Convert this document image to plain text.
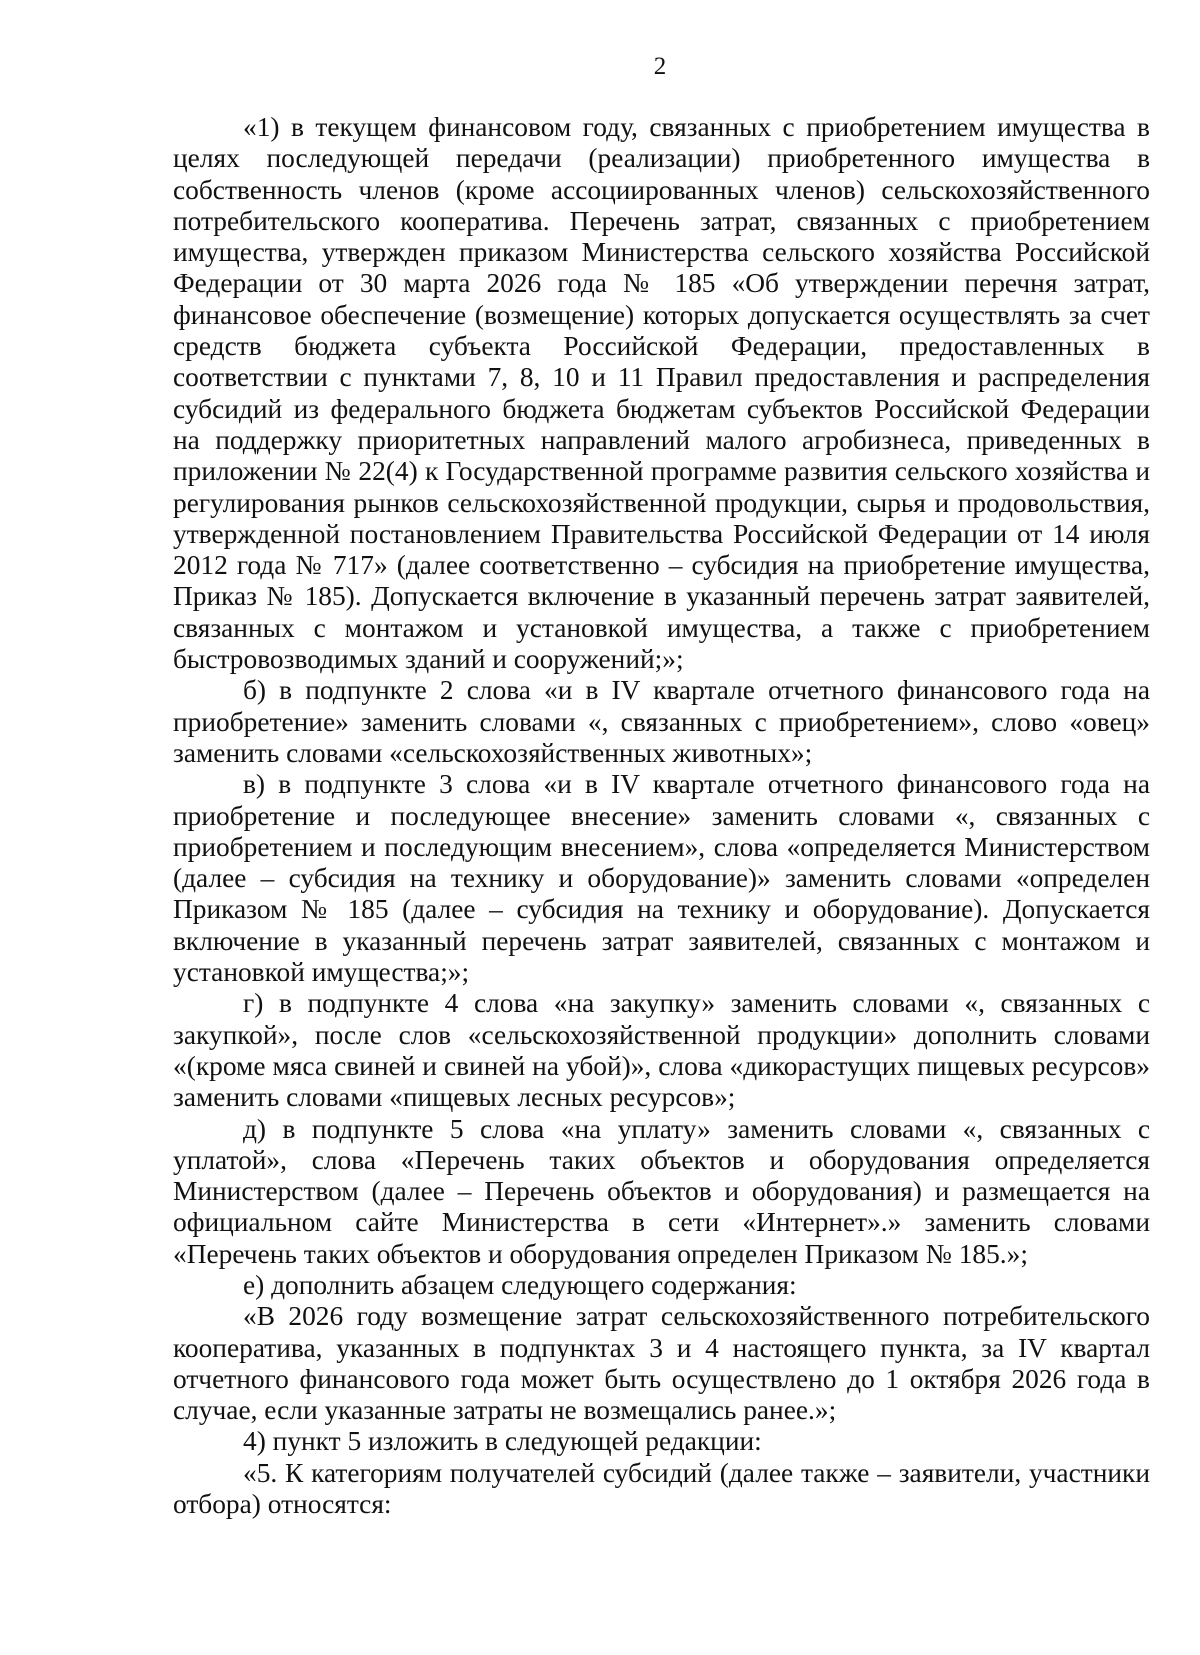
2

«1) в текущем финансовом году, связанных с приобретением имущества в целях последующей передачи (реализации) приобретенного имущества в собственность членов (кроме ассоциированных членов) сельскохозяйственного потребительского кооператива. Перечень затрат, связанных с приобретением имущества, утвержден приказом Министерства сельского хозяйства Российской Федерации от 30 марта 2026 года № 185 «Об утверждении перечня затрат, финансовое обеспечение (возмещение) которых допускается осуществлять за счет средств бюджета субъекта Российской Федерации, предоставленных в соответствии с пунктами 7, 8, 10 и 11 Правил предоставления и распределения субсидий из федерального бюджета бюджетам субъектов Российской Федерации на поддержку приоритетных направлений малого агробизнеса, приведенных в приложении № 22(4) к Государственной программе развития сельского хозяйства и регулирования рынков сельскохозяйственной продукции, сырья и продовольствия, утвержденной постановлением Правительства Российской Федерации от 14 июля 2012 года № 717» (далее соответственно – субсидия на приобретение имущества, Приказ № 185). Допускается включение в указанный перечень затрат заявителей, связанных с монтажом и установкой имущества, а также с приобретением быстровозводимых зданий и сооружений;»;

б) в подпункте 2 слова «и в IV квартале отчетного финансового года на приобретение» заменить словами «, связанных с приобретением», слово «овец» заменить словами «сельскохозяйственных животных»;

в) в подпункте 3 слова «и в IV квартале отчетного финансового года на приобретение и последующее внесение» заменить словами «, связанных с приобретением и последующим внесением», слова «определяется Министерством (далее – субсидия на технику и оборудование)» заменить словами «определен Приказом № 185 (далее – субсидия на технику и оборудование). Допускается включение в указанный перечень затрат заявителей, связанных с монтажом и установкой имущества;»;

г) в подпункте 4 слова «на закупку» заменить словами «, связанных с закупкой», после слов «сельскохозяйственной продукции» дополнить словами «(кроме мяса свиней и свиней на убой)», слова «дикорастущих пищевых ресурсов» заменить словами «пищевых лесных ресурсов»;

д) в подпункте 5 слова «на уплату» заменить словами «, связанных с уплатой», слова «Перечень таких объектов и оборудования определяется Министерством (далее – Перечень объектов и оборудования) и размещается на официальном сайте Министерства в сети «Интернет».» заменить словами «Перечень таких объектов и оборудования определен Приказом № 185.»;

е) дополнить абзацем следующего содержания:

«В 2026 году возмещение затрат сельскохозяйственного потребительского кооператива, указанных в подпунктах 3 и 4 настоящего пункта, за IV квартал отчетного финансового года может быть осуществлено до 1 октября 2026 года в случае, если указанные затраты не возмещались ранее.»;

4) пункт 5 изложить в следующей редакции:

«5. К категориям получателей субсидий (далее также – заявители, участники отбора) относятся:
